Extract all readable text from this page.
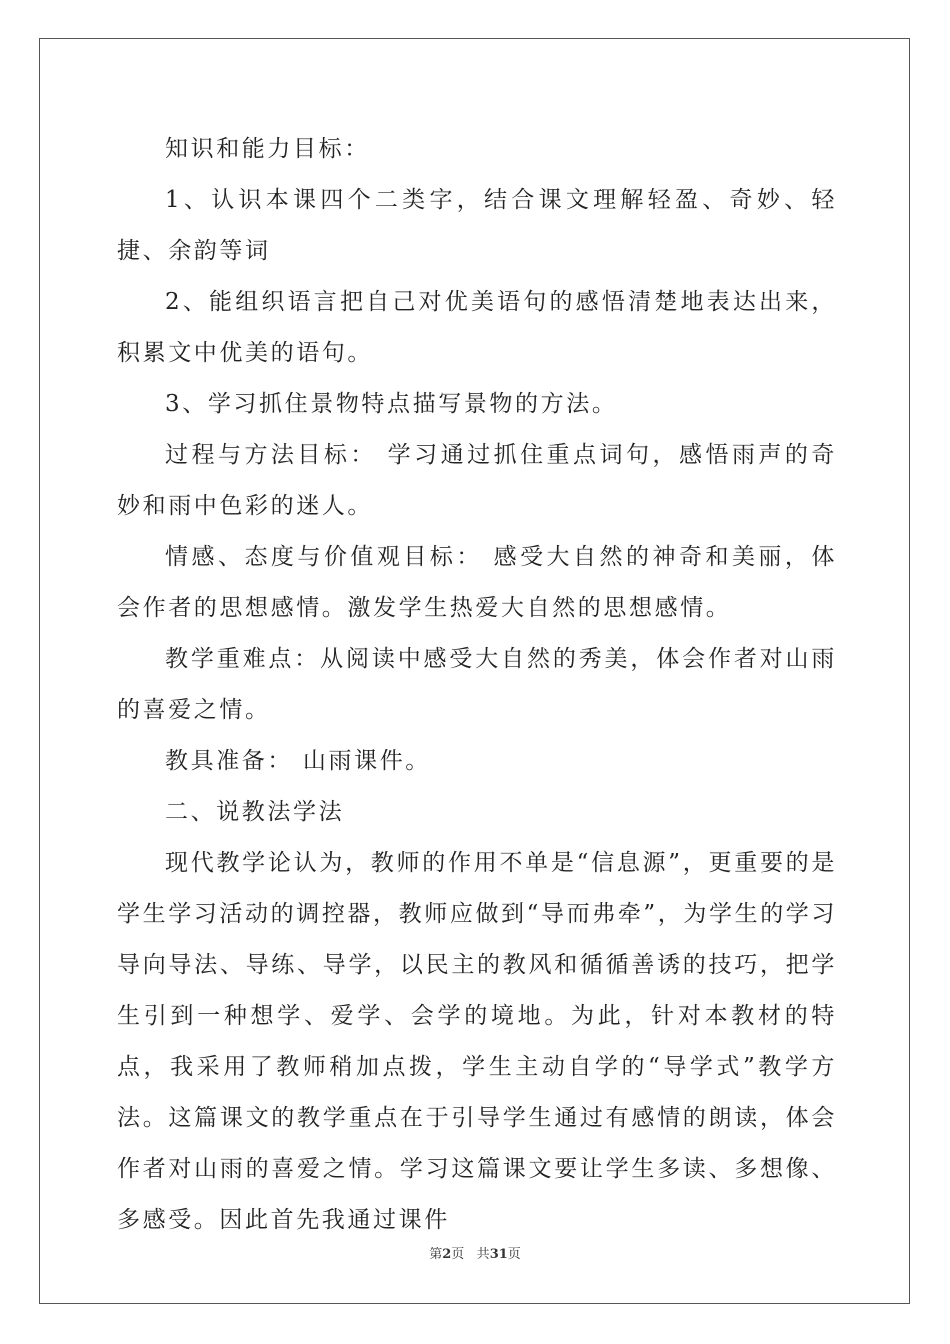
知识和能力目标：

1、认识本课四个二类字，结合课文理解轻盈、奇妙、轻捷、余韵等词

2、能组织语言把自己对优美语句的感悟清楚地表达出来，积累文中优美的语句。

3、学习抓住景物特点描写景物的方法。

过程与方法目标： 学习通过抓住重点词句，感悟雨声的奇妙和雨中色彩的迷人。

情感、态度与价值观目标： 感受大自然的神奇和美丽，体会作者的思想感情。激发学生热爱大自然的思想感情。

教学重难点：从阅读中感受大自然的秀美，体会作者对山雨的喜爱之情。

教具准备： 山雨课件。

二、说教法学法

现代教学论认为，教师的作用不单是“信息源”，更重要的是学生学习活动的调控器，教师应做到“导而弗牵”，为学生的学习导向导法、导练、导学，以民主的教风和循循善诱的技巧，把学生引到一种想学、爱学、会学的境地。为此，针对本教材的特点，我采用了教师稍加点拨，学生主动自学的“导学式”教学方法。这篇课文的教学重点在于引导学生通过有感情的朗读，体会作者对山雨的喜爱之情。学习这篇课文要让学生多读、多想像、多感受。因此首先我通过课件

第2页 共31页
